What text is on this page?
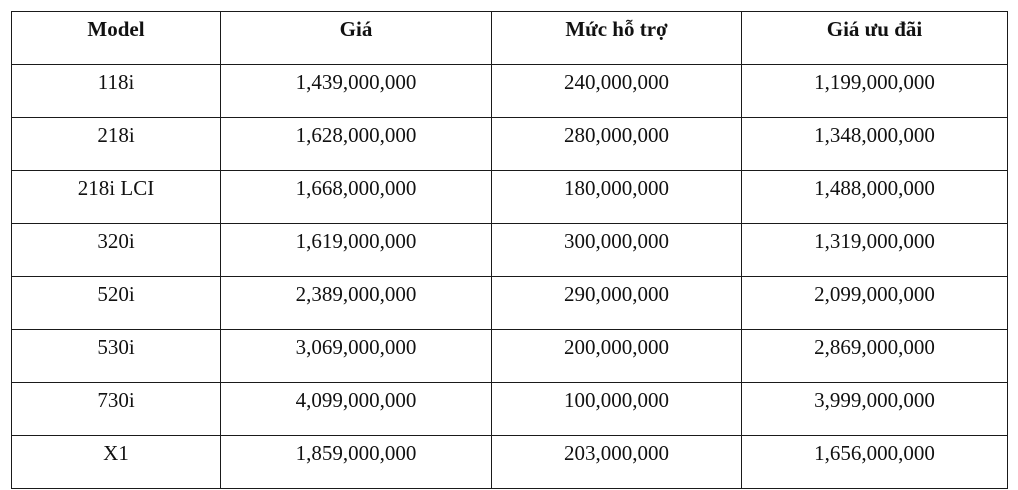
Model	Giá	Mức hỗ trợ	Giá ưu đãi
118i	1,439,000,000	240,000,000	1,199,000,000
218i	1,628,000,000	280,000,000	1,348,000,000
218i LCI	1,668,000,000	180,000,000	1,488,000,000
320i	1,619,000,000	300,000,000	1,319,000,000
520i	2,389,000,000	290,000,000	2,099,000,000
530i	3,069,000,000	200,000,000	2,869,000,000
730i	4,099,000,000	100,000,000	3,999,000,000
X1	1,859,000,000	203,000,000	1,656,000,000
